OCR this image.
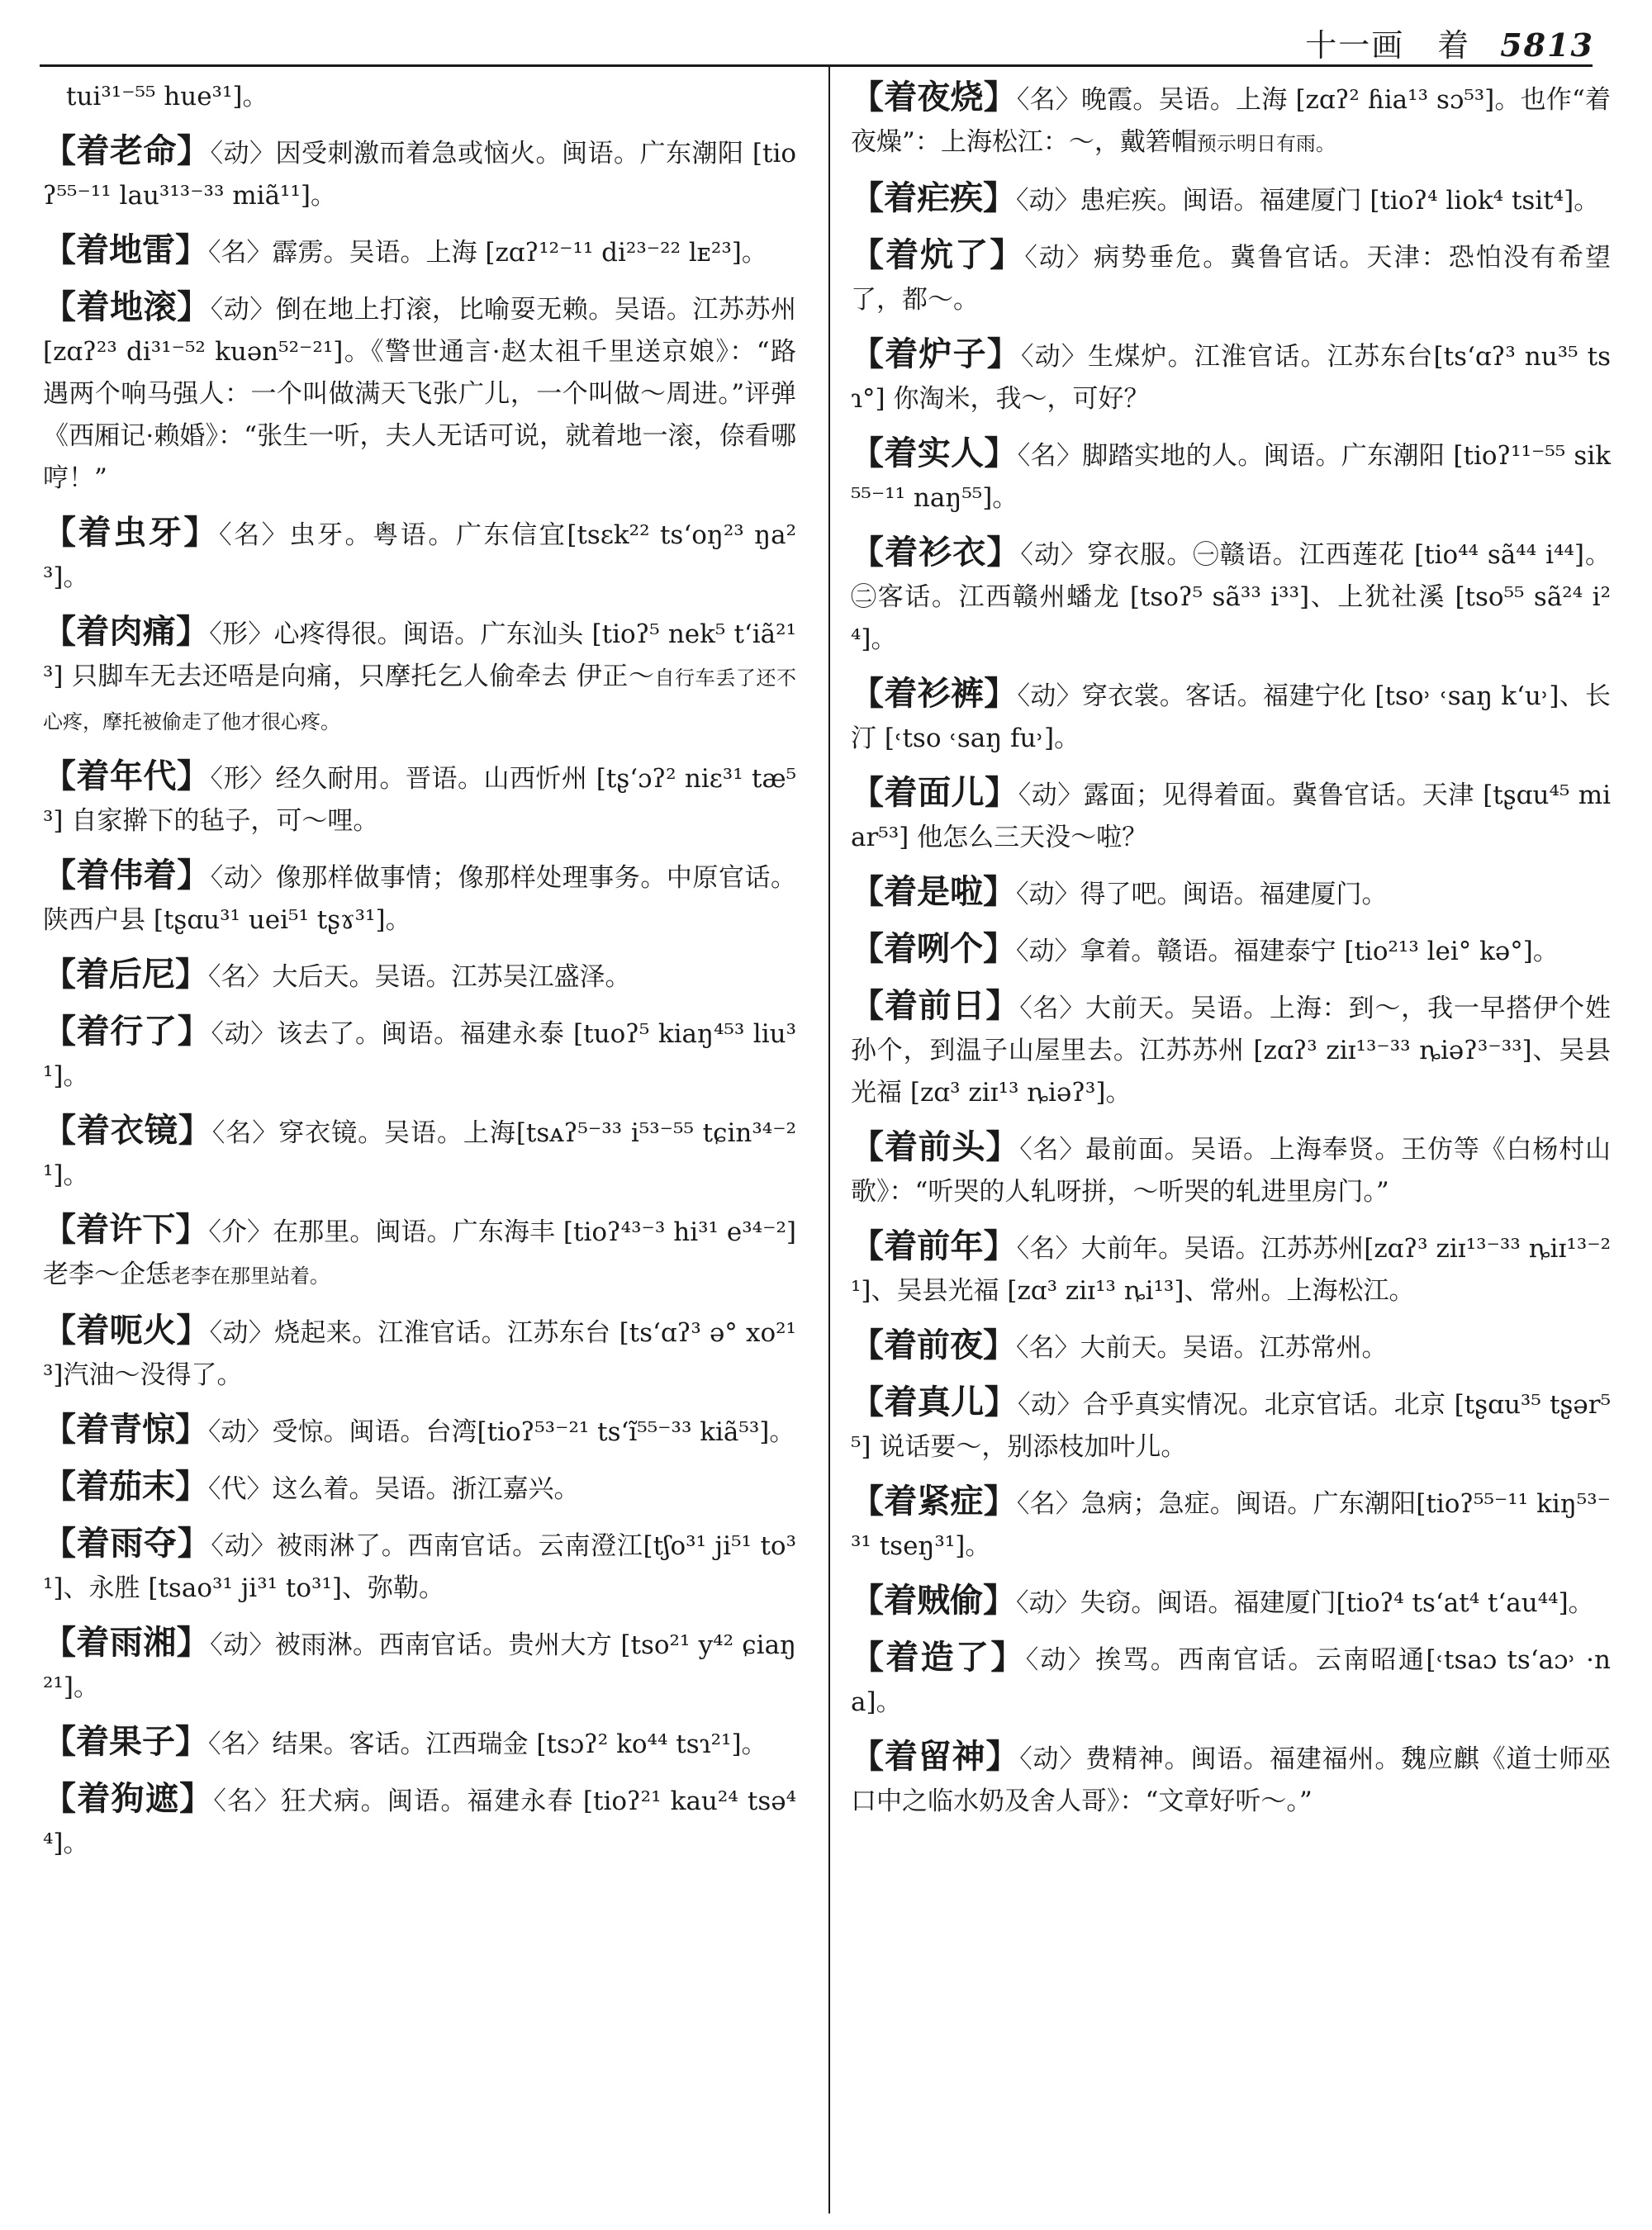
十一画　着 5813
tui³¹⁻⁵⁵ hue³¹]。
【着老命】〈动〉因受刺激而着急或恼火。闽语。广东潮阳 [tioʔ⁵⁵⁻¹¹ lau³¹³⁻³³ miã¹¹]。
【着地雷】〈名〉霹雳。吴语。上海 [zɑʔ¹²⁻¹¹ di²³⁻²² lᴇ²³]。
【着地滚】〈动〉倒在地上打滚，比喻耍无赖。吴语。江苏苏州 [zɑʔ²³ di³¹⁻⁵² kuən⁵²⁻²¹]。《警世通言·赵太祖千里送京娘》：“路遇两个响马强人：一个叫做满天飞张广儿，一个叫做～周进。”评弹《西厢记·赖婚》：“张生一听，夫人无话可说，就着地一滚，倷看哪哼！”
【着虫牙】〈名〉虫牙。粤语。广东信宜[tsɛk²² ts‘oŋ²³ ŋa²³]。
【着肉痛】〈形〉心疼得很。闽语。广东汕头 [tioʔ⁵ nek⁵ t‘iã²¹³] 只脚车无去还唔是向痛，只摩托乞人偷牵去 伊正～自行车丢了还不心疼，摩托被偷走了他才很心疼。
【着年代】〈形〉经久耐用。晋语。山西忻州 [tʂ‘ɔʔ² niɛ³¹ tæ⁵³] 自家擀下的毡子，可～哩。
【着伟着】〈动〉像那样做事情；像那样处理事务。中原官话。陕西户县 [tʂɑu³¹ uei⁵¹ tʂɤ³¹]。
【着后尼】〈名〉大后天。吴语。江苏吴江盛泽。
【着行了】〈动〉该去了。闽语。福建永泰 [tuoʔ⁵ kiaŋ⁴⁵³ liu³¹]。
【着衣镜】〈名〉穿衣镜。吴语。上海[tsᴀʔ⁵⁻³³ i⁵³⁻⁵⁵ tɕin³⁴⁻²¹]。
【着许下】〈介〉在那里。闽语。广东海丰 [tioʔ⁴³⁻³ hi³¹ e³⁴⁻²]老李～企恁老李在那里站着。
【着呃火】〈动〉烧起来。江淮官话。江苏东台 [ts‘ɑʔ³ ə° xo²¹³]汽油～没得了。
【着青惊】〈动〉受惊。闽语。台湾[tioʔ⁵³⁻²¹ ts‘ĩ⁵⁵⁻³³ kiã⁵³]。
【着茄末】〈代〉这么着。吴语。浙江嘉兴。
【着雨夺】〈动〉被雨淋了。西南官话。云南澄江[tʃo³¹ ji⁵¹ to³¹]、永胜 [tsao³¹ ji³¹ to³¹]、弥勒。
【着雨湘】〈动〉被雨淋。西南官话。贵州大方 [tso²¹ y⁴² ɕiaŋ²¹]。
【着果子】〈名〉结果。客话。江西瑞金 [tsɔʔ² ko⁴⁴ tsɿ²¹]。
【着狗遮】〈名〉狂犬病。闽语。福建永春 [tioʔ²¹ kau²⁴ tsə⁴⁴]。
【着夜烧】〈名〉晚霞。吴语。上海 [zɑʔ² ɦia¹³ sɔ⁵³]。也作“着夜燥”：上海松江：～，戴箬帽预示明日有雨。
【着疟疾】〈动〉患疟疾。闽语。福建厦门 [tioʔ⁴ liok⁴ tsit⁴]。
【着炕了】〈动〉病势垂危。冀鲁官话。天津：恐怕没有希望了，都～。
【着炉子】〈动〉生煤炉。江淮官话。江苏东台[ts‘ɑʔ³ nu³⁵ tsɿ°] 你淘米，我～，可好？
【着实人】〈名〉脚踏实地的人。闽语。广东潮阳 [tioʔ¹¹⁻⁵⁵ sik⁵⁵⁻¹¹ naŋ⁵⁵]。
【着衫衣】〈动〉穿衣服。㊀赣语。江西莲花 [tio⁴⁴ sã⁴⁴ i⁴⁴]。㊁客话。江西赣州蟠龙 [tsoʔ⁵ sã³³ i³³]、上犹社溪 [tso⁵⁵ sã²⁴ i²⁴]。
【着衫裤】〈动〉穿衣裳。客话。福建宁化 [tso˒ ˓saŋ k‘u˒]、长汀 [˓tso ˓saŋ fu˒]。
【着面儿】〈动〉露面；见得着面。冀鲁官话。天津 [tʂɑu⁴⁵ miar⁵³] 他怎么三天没～啦？
【着是啦】〈动〉得了吧。闽语。福建厦门。
【着咧个】〈动〉拿着。赣语。福建泰宁 [tio²¹³ lei° kə°]。
【着前日】〈名〉大前天。吴语。上海：到～，我一早搭伊个姓孙个，到温子山屋里去。江苏苏州 [zɑʔ³ ziɪ¹³⁻³³ ȵiəʔ³⁻³³]、吴县光福 [zɑ³ ziɪ¹³ ȵiəʔ³]。
【着前头】〈名〉最前面。吴语。上海奉贤。王仿等《白杨村山歌》：“听哭的人轧呀拼，～听哭的轧进里房门。”
【着前年】〈名〉大前年。吴语。江苏苏州[zɑʔ³ ziɪ¹³⁻³³ ȵiɪ¹³⁻²¹]、吴县光福 [zɑ³ ziɪ¹³ ȵi¹³]、常州。上海松江。
【着前夜】〈名〉大前天。吴语。江苏常州。
【着真儿】〈动〉合乎真实情况。北京官话。北京 [tʂɑu³⁵ tʂər⁵⁵] 说话要～，别添枝加叶儿。
【着紧症】〈名〉急病；急症。闽语。广东潮阳[tioʔ⁵⁵⁻¹¹ kiŋ⁵³⁻³¹ tseŋ³¹]。
【着贼偷】〈动〉失窃。闽语。福建厦门[tioʔ⁴ ts‘at⁴ t‘au⁴⁴]。
【着造了】〈动〉挨骂。西南官话。云南昭通[˓tsaɔ ts‘aɔ˒ ·na]。
【着留神】〈动〉费精神。闽语。福建福州。魏应麒《道士师巫口中之临水奶及舍人哥》：“文章好听～。”
